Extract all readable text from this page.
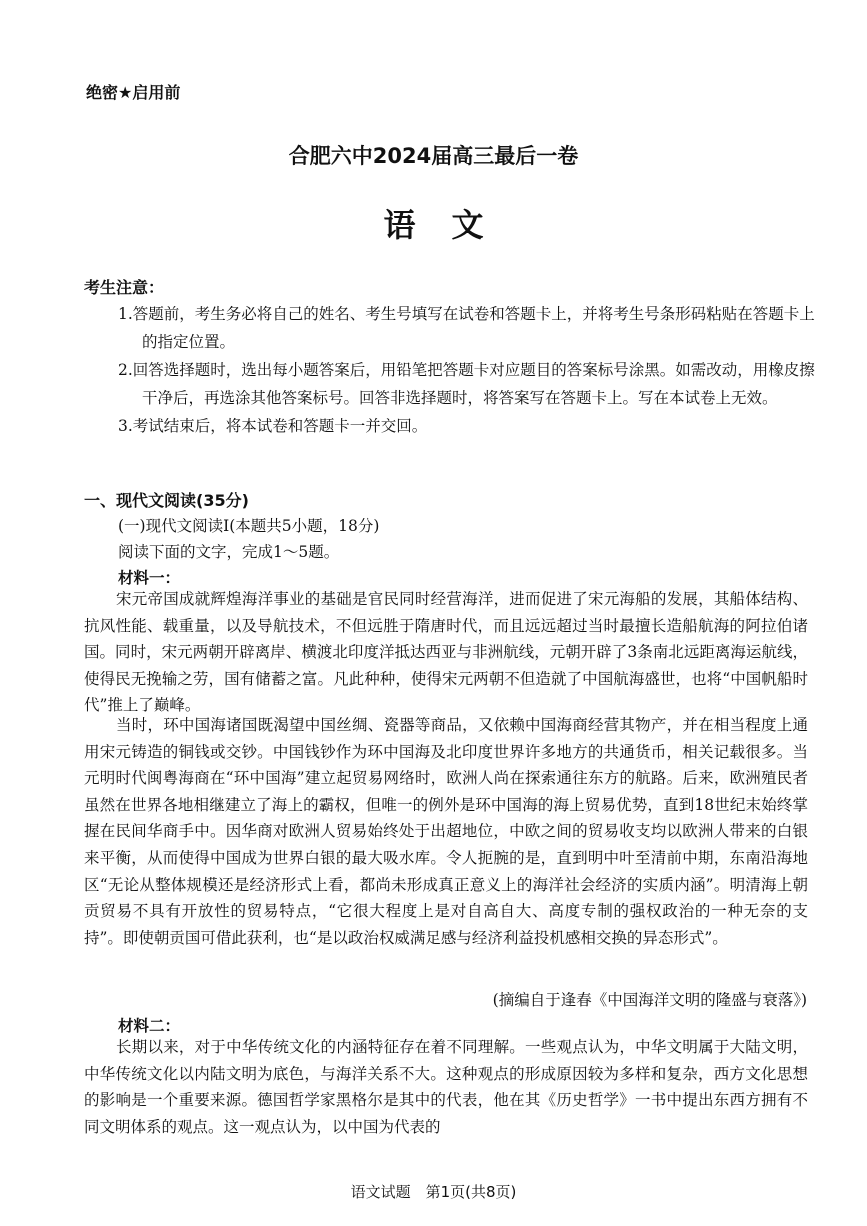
绝密★启用前
合肥六中2024届高三最后一卷
语文
考生注意：
1.答题前，考生务必将自己的姓名、考生号填写在试卷和答题卡上，并将考生号条形码粘贴在答题卡上的指定位置。
2.回答选择题时，选出每小题答案后，用铅笔把答题卡对应题目的答案标号涂黑。如需改动，用橡皮擦干净后，再选涂其他答案标号。回答非选择题时，将答案写在答题卡上。写在本试卷上无效。
3.考试结束后，将本试卷和答题卡一并交回。
一、现代文阅读(35分)
(一)现代文阅读Ⅰ(本题共5小题，18分)
阅读下面的文字，完成1～5题。
材料一：

宋元帝国成就辉煌海洋事业的基础是官民同时经营海洋，进而促进了宋元海船的发展，其船体结构、抗风性能、载重量，以及导航技术，不但远胜于隋唐时代，而且远远超过当时最擅长造船航海的阿拉伯诸国。同时，宋元两朝开辟离岸、横渡北印度洋抵达西亚与非洲航线，元朝开辟了3条南北远距离海运航线，使得民无挽输之劳，国有储蓄之富。凡此种种，使得宋元两朝不但造就了中国航海盛世，也将“中国帆船时代”推上了巅峰。

当时，环中国海诸国既渴望中国丝绸、瓷器等商品，又依赖中国海商经营其物产，并在相当程度上通用宋元铸造的铜钱或交钞。中国钱钞作为环中国海及北印度世界许多地方的共通货币，相关记载很多。当元明时代闽粤海商在“环中国海”建立起贸易网络时，欧洲人尚在探索通往东方的航路。后来，欧洲殖民者虽然在世界各地相继建立了海上的霸权，但唯一的例外是环中国海的海上贸易优势，直到18世纪末始终掌握在民间华商手中。因华商对欧洲人贸易始终处于出超地位，中欧之间的贸易收支均以欧洲人带来的白银来平衡，从而使得中国成为世界白银的最大吸水库。令人扼腕的是，直到明中叶至清前中期，东南沿海地区“无论从整体规模还是经济形式上看，都尚未形成真正意义上的海洋社会经济的实质内涵”。明清海上朝贡贸易不具有开放性的贸易特点，“它很大程度上是对自高自大、高度专制的强权政治的一种无奈的支持”。即使朝贡国可借此获利，也“是以政治权威满足感与经济利益投机感相交换的异态形式”。

(摘编自于逢春《中国海洋文明的隆盛与衰落》)
材料二：

长期以来，对于中华传统文化的内涵特征存在着不同理解。一些观点认为，中华文明属于大陆文明，中华传统文化以内陆文明为底色，与海洋关系不大。这种观点的形成原因较为多样和复杂，西方文化思想的影响是一个重要来源。德国哲学家黑格尔是其中的代表，他在其《历史哲学》一书中提出东西方拥有不同文明体系的观点。这一观点认为，以中国为代表的

语文试题　第1页(共8页)
